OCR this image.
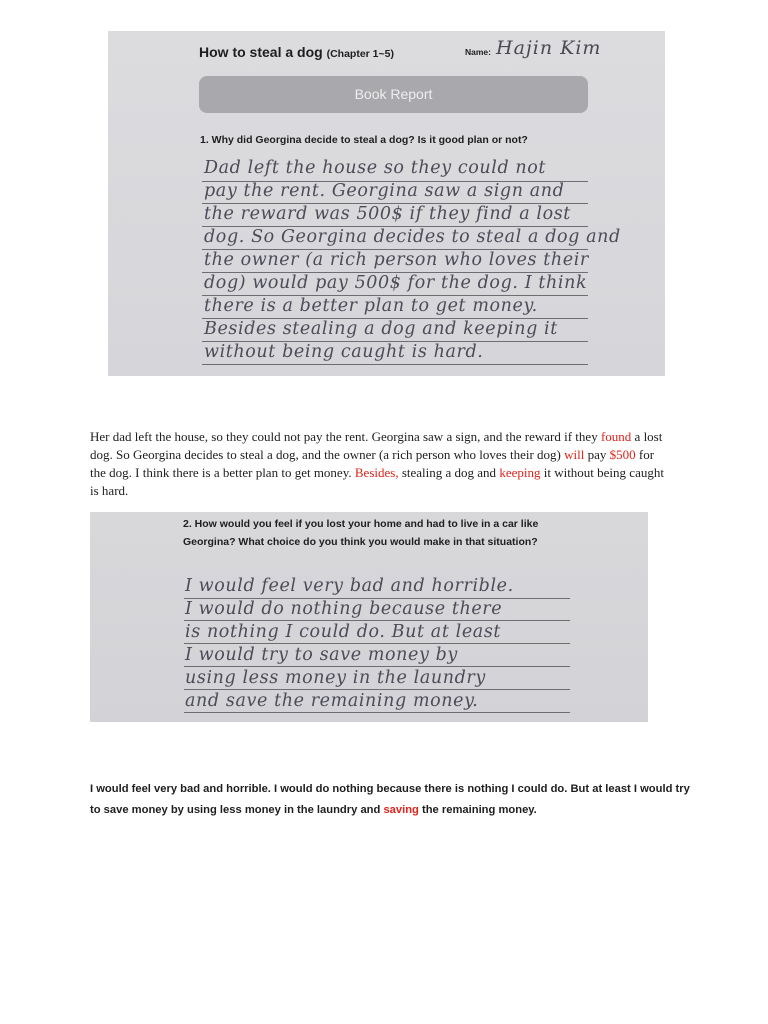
How to steal a dog (Chapter 1~5)	Name: Hajin Kim
Book Report
1. Why did Georgina decide to steal a dog? Is it good plan or not?
Dad left the house so they could not
pay the rent. Georgina saw a sign and
the reward was 500$ if they find a lost
dog. So Georgina decides to steal a dog and
the owner (a rich person who loves their
dog) would pay 500$ for the dog. I think
there is a better plan to get money.
Besides stealing a dog and keeping it
without being caught is hard.
Her dad left the house, so they could not pay the rent. Georgina saw a sign, and the reward if they found a lost dog. So Georgina decides to steal a dog, and the owner (a rich person who loves their dog) will pay $500 for the dog. I think there is a better plan to get money. Besides, stealing a dog and keeping it without being caught is hard.
2. How would you feel if you lost your home and had to live in a car like Georgina? What choice do you think you would make in that situation?
I would feel very bad and horrible.
I would do nothing because there
is nothing I could do. But at least
I would try to save money by
using less money in the laundry
and save the remaining money.
I would feel very bad and horrible. I would do nothing because there is nothing I could do. But at least I would try to save money by using less money in the laundry and saving the remaining money.
